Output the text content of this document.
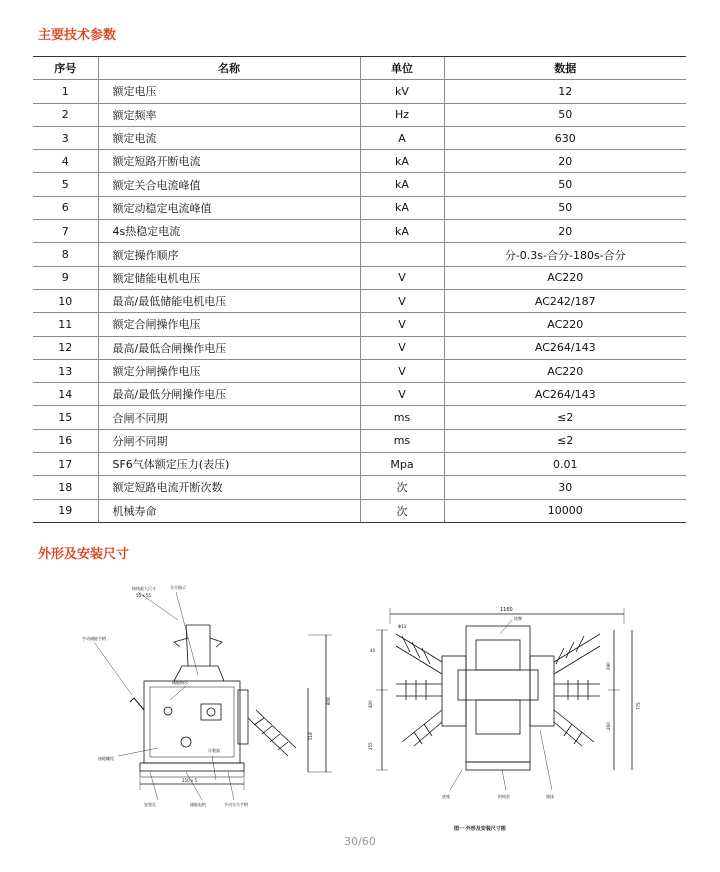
主要技术参数
序号	名称	单位	数据
1	额定电压	kV	12
2	额定频率	Hz	50
3	额定电流	A	630
4	额定短路开断电流	kA	20
5	额定关合电流峰值	kA	50
6	额定动稳定电流峰值	kA	50
7	4s热稳定电流	kA	20
8	额定操作顺序		分-0.3s-合分-180s-合分
9	额定储能电机电压	V	AC220
10	最高/最低储能电机电压	V	AC242/187
11	额定合闸操作电压	V	AC220
12	最高/最低合闸操作电压	V	AC264/143
13	额定分闸操作电压	V	AC220
14	最高/最低分闸操作电压	V	AC264/143
15	合闸不同期	ms	≤2
16	分闸不同期	ms	≤2
17	SF6气体额定压力(表压)	Mpa	0.01
18	额定短路电流开断次数	次	30
19	机械寿命	次	10000
外形及安装尺寸
接线最大尺寸
55 x 55
分合指示
手动储能手柄
储能指示
计数器
接地螺栓
安装孔	储能电机	手动分合手柄
808
518
250 x 5
1160
Φ13
40
400
255
290
260
775
铭牌
底座	机构室	箱体
图一 外形及安装尺寸图
30/60
